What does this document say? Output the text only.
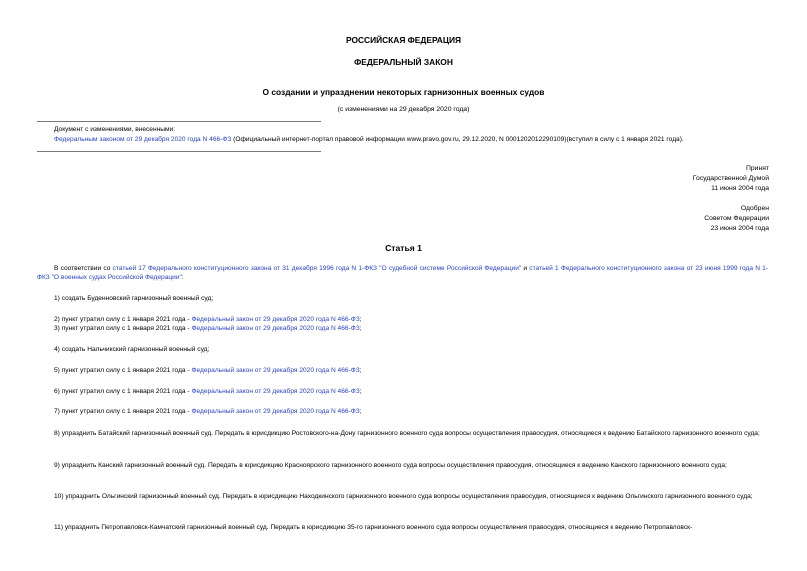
РОССИЙСКАЯ ФЕДЕРАЦИЯ
ФЕДЕРАЛЬНЫЙ ЗАКОН
О создании и упразднении некоторых гарнизонных военных судов
(с изменениями на 29 декабря 2020 года)
Документ с изменениями, внесенными:
Федеральным законом от 29 декабря 2020 года N 466-ФЗ (Официальный интернет-портал правовой информации www.pravo.gov.ru, 29.12.2020, N 0001202012290109)(вступил в силу с 1 января 2021 года).
Принят
Государственной Думой
11 июня 2004 года
Одобрен
Советом Федерации
23 июня 2004 года
Статья 1
В соответствии со статьей 17 Федерального конституционного закона от 31 декабря 1996 года N 1-ФКЗ "О судебной системе Российской Федерации" и статьей 1 Федерального конституционного закона от 23 июня 1999 года N 1-ФКЗ "О военных судах Российской Федерации":
1) создать Буденновский гарнизонный военный суд;
2) пункт утратил силу с 1 января 2021 года - Федеральный закон от 29 декабря 2020 года N 466-ФЗ;
3) пункт утратил силу с 1 января 2021 года - Федеральный закон от 29 декабря 2020 года N 466-ФЗ;
4) создать Нальчикский гарнизонный военный суд;
5) пункт утратил силу с 1 января 2021 года - Федеральный закон от 29 декабря 2020 года N 466-ФЗ;
6) пункт утратил силу с 1 января 2021 года - Федеральный закон от 29 декабря 2020 года N 466-ФЗ;
7) пункт утратил силу с 1 января 2021 года - Федеральный закон от 29 декабря 2020 года N 466-ФЗ;
8) упразднить Батайский гарнизонный военный суд. Передать в юрисдикцию Ростовского-на-Дону гарнизонного военного суда вопросы осуществления правосудия, относящиеся к ведению Батайского гарнизонного военного суда;
9) упразднить Канский гарнизонный военный суд. Передать в юрисдикцию Красноярского гарнизонного военного суда вопросы осуществления правосудия, относящиеся к ведению Канского гарнизонного военного суда;
10) упразднить Ольгинский гарнизонный военный суд. Передать в юрисдикцию Находкинского гарнизонного военного суда вопросы осуществления правосудия, относящиеся к ведению Ольгинского гарнизонного военного суда;
11) упразднить Петропавловск-Камчатский гарнизонный военный суд. Передать в юрисдикцию 35-го гарнизонного военного суда вопросы осуществления правосудия, относящиеся к ведению Петропавловск-
